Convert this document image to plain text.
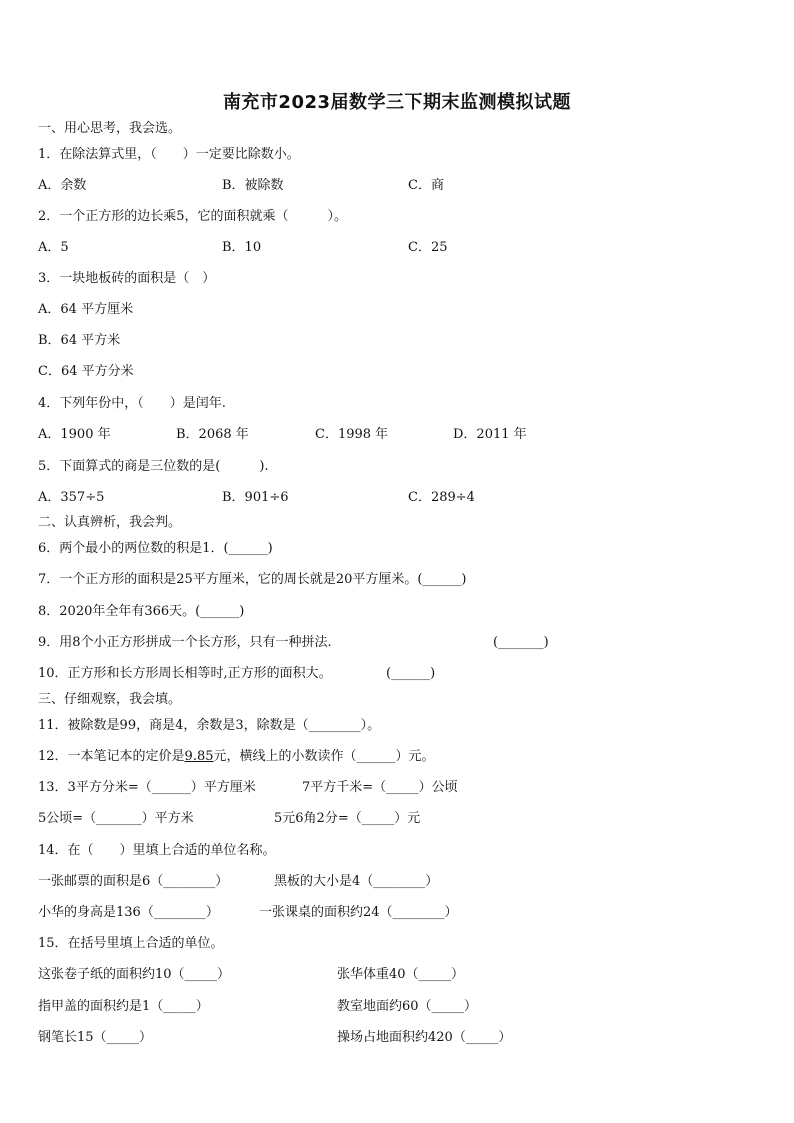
南充市2023届数学三下期末监测模拟试题
一、用心思考，我会选。
1．在除法算式里，（　　）一定要比除数小。
A．余数	B．被除数	C．商
2．一个正方形的边长乘5，它的面积就乘（　　　）。
A．5	B．10	C．25
3．一块地板砖的面积是（　）
A．64 平方厘米
B．64 平方米
C．64 平方分米
4．下列年份中，（　　）是闰年.
A．1900 年	B．2068 年	C．1998 年	D．2011 年
5．下面算式的商是三位数的是(　　　).
A．357÷5	B．901÷6	C．289÷4
二、认真辨析，我会判。
6．两个最小的两位数的积是1．(______)
7．一个正方形的面积是25平方厘米，它的周长就是20平方厘米。(______)
8．2020年全年有366天。(______)
9．用8个小正方形拼成一个长方形，只有一种拼法.	(_______)
10．正方形和长方形周长相等时,正方形的面积大。	(______)
三、仔细观察，我会填。
11．被除数是99，商是4，余数是3，除数是（________）。
12．一本笔记本的定价是9.85元，横线上的小数读作（______）元。
13．3平方分米=（______）平方厘米	7平方千米=（_____）公顷
5公顷=（_______）平方米	5元6角2分=（_____）元
14．在（　　）里填上合适的单位名称。
一张邮票的面积是6（________）	黑板的大小是4（________）
小华的身高是136（________）	一张课桌的面积约24（________）
15．在括号里填上合适的单位。
这张卷子纸的面积约10（_____）	张华体重40（_____）
指甲盖的面积约是1（_____）	教室地面约60（_____）
钢笔长15（_____）	操场占地面积约420（_____）
